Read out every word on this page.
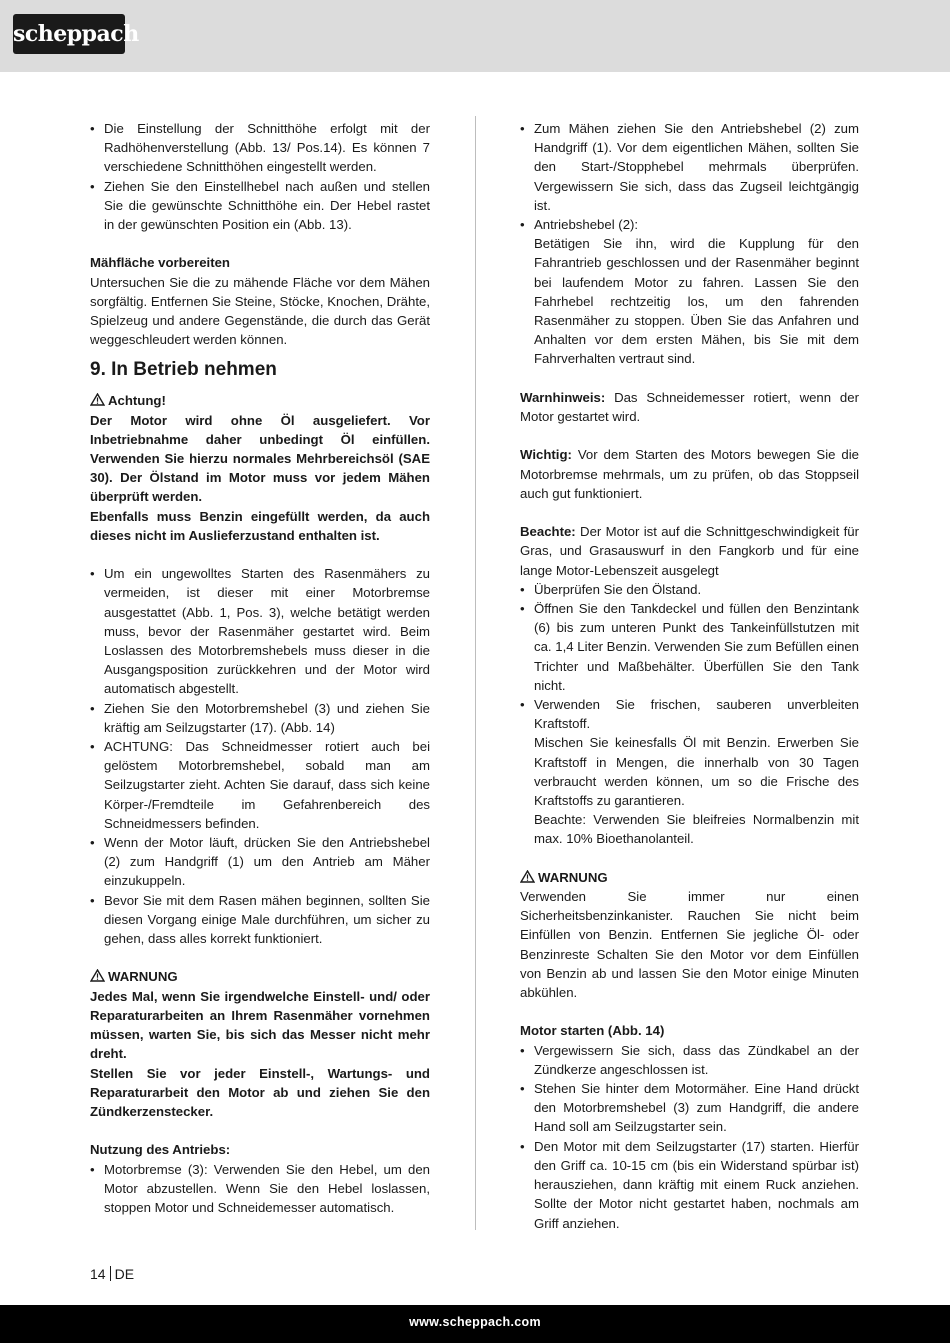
scheppach
• Die Einstellung der Schnitthöhe erfolgt mit der Radhöhenverstellung (Abb. 13/ Pos.14). Es können 7 verschiedene Schnitthöhen eingestellt werden.
• Ziehen Sie den Einstellhebel nach außen und stellen Sie die gewünschte Schnitthöhe ein. Der Hebel rastet in der gewünschten Position ein (Abb. 13).

Mähfläche vorbereiten

Untersuchen Sie die zu mähende Fläche vor dem Mähen sorgfältig. Entfernen Sie Steine, Stöcke, Knochen, Drähte, Spielzeug und andere Gegenstände, die durch das Gerät weggeschleudert werden können.

9. In Betrieb nehmen

Achtung!

Der Motor wird ohne Öl ausgeliefert. Vor Inbetriebnahme daher unbedingt Öl einfüllen. Verwenden Sie hierzu normales Mehrbereichsöl (SAE 30). Der Ölstand im Motor muss vor jedem Mähen überprüft werden.

Ebenfalls muss Benzin eingefüllt werden, da auch dieses nicht im Auslieferzustand enthalten ist.

• Um ein ungewolltes Starten des Rasenmähers zu vermeiden, ist dieser mit einer Motorbremse ausgestattet (Abb. 1, Pos. 3), welche betätigt werden muss, bevor der Rasenmäher gestartet wird. Beim Loslassen des Motorbremshebels muss dieser in die Ausgangsposition zurückkehren und der Motor wird automatisch abgestellt.
• Ziehen Sie den Motorbremshebel (3) und ziehen Sie kräftig am Seilzugstarter (17). (Abb. 14)
• ACHTUNG: Das Schneidmesser rotiert auch bei gelöstem Motorbremshebel, sobald man am Seilzugstarter zieht. Achten Sie darauf, dass sich keine Körper-/Fremdteile im Gefahrenbereich des Schneidmessers befinden.
• Wenn der Motor läuft, drücken Sie den Antriebshebel (2) zum Handgriff (1) um den Antrieb am Mäher einzukuppeln.
• Bevor Sie mit dem Rasen mähen beginnen, sollten Sie diesen Vorgang einige Male durchführen, um sicher zu gehen, dass alles korrekt funktioniert.

WARNUNG

Jedes Mal, wenn Sie irgendwelche Einstell- und/ oder Reparaturarbeiten an Ihrem Rasenmäher vornehmen müssen, warten Sie, bis sich das Messer nicht mehr dreht.

Stellen Sie vor jeder Einstell-, Wartungs- und Reparaturarbeit den Motor ab und ziehen Sie den Zündkerzenstecker.

Nutzung des Antriebs:

• Motorbremse (3): Verwenden Sie den Hebel, um den Motor abzustellen. Wenn Sie den Hebel loslassen, stoppen Motor und Schneidemesser automatisch.
• Zum Mähen ziehen Sie den Antriebshebel (2) zum Handgriff (1). Vor dem eigentlichen Mähen, sollten Sie den Start-/Stopphebel mehrmals überprüfen. Vergewissern Sie sich, dass das Zugseil leichtgängig ist.

• Antriebshebel (2):

Betätigen Sie ihn, wird die Kupplung für den Fahrantrieb geschlossen und der Rasenmäher beginnt bei laufendem Motor zu fahren. Lassen Sie den Fahrhebel rechtzeitig los, um den fahrenden Rasenmäher zu stoppen. Üben Sie das Anfahren und Anhalten vor dem ersten Mähen, bis Sie mit dem Fahrverhalten vertraut sind.

Warnhinweis: Das Schneidemesser rotiert, wenn der Motor gestartet wird.

Wichtig: Vor dem Starten des Motors bewegen Sie die Motorbremse mehrmals, um zu prüfen, ob das Stoppseil auch gut funktioniert.

Beachte: Der Motor ist auf die Schnittgeschwindigkeit für Gras, und Grasauswurf in den Fangkorb und für eine lange Motor-Lebenszeit ausgelegt

• Überprüfen Sie den Ölstand.
• Öffnen Sie den Tankdeckel und füllen den Benzintank (6) bis zum unteren Punkt des Tankeinfüllstutzen mit ca. 1,4 Liter Benzin. Verwenden Sie zum Befüllen einen Trichter und Maßbehälter. Überfüllen Sie den Tank nicht.

• Verwenden Sie frischen, sauberen unverbleiten Kraftstoff.

Mischen Sie keinesfalls Öl mit Benzin. Erwerben Sie Kraftstoff in Mengen, die innerhalb von 30 Tagen verbraucht werden können, um so die Frische des Kraftstoffs zu garantieren.

Beachte: Verwenden Sie bleifreies Normalbenzin mit max. 10% Bioethanolanteil.

WARNUNG

Verwenden Sie immer nur einen Sicherheitsbenzinkanister. Rauchen Sie nicht beim Einfüllen von Benzin. Entfernen Sie jegliche Öl- oder Benzinreste Schalten Sie den Motor vor dem Einfüllen von Benzin ab und lassen Sie den Motor einige Minuten abkühlen.

Motor starten (Abb. 14)

• Vergewissern Sie sich, dass das Zündkabel an der Zündkerze angeschlossen ist.
• Stehen Sie hinter dem Motormäher. Eine Hand drückt den Motorbremshebel (3) zum Handgriff, die andere Hand soll am Seilzugstarter sein.
• Den Motor mit dem Seilzugstarter (17) starten. Hierfür den Griff ca. 10-15 cm (bis ein Widerstand spürbar ist) herausziehen, dann kräftig mit einem Ruck anziehen. Sollte der Motor nicht gestartet haben, nochmals am Griff anziehen.
14 DE
www.scheppach.com
